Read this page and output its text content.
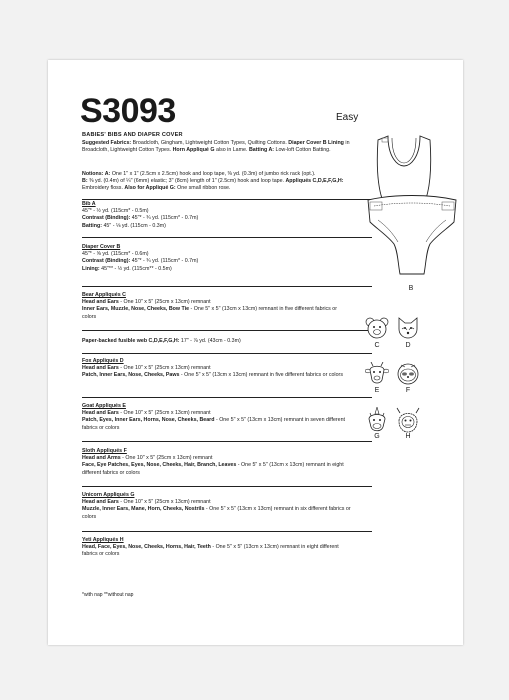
S3093	Easy
BABIES' BIBS AND DIAPER COVER

Suggested Fabrics: Broadcloth, Gingham, Lightweight Cotton Types, Quilting Cottons. Diaper Cover B Lining in Broadcloth, Lightweight Cotton Types. Horn Appliqué G also in Lame. Batting A: Low-loft Cotton Batting.

Notions: A: One 1" x 1" (2.5cm x 2.5cm) hook and loop tape, ⅜ yd. (0.3m) of jumbo rick rack (opt.).

B: ⅜ yd. (0.4m) of ¼" (6mm) elastic; 3" (8cm) length of 1" (2.5cm) hook and loop tape. Appliqués C,D,E,F,G,H: Embroidery floss. Also for Appliqué G: One small ribbon rose.

Bib A

45"* - ½ yd. (115cm* - 0.5m)

Contrast (Binding): 45"* - ¾ yd. (115cm* - 0.7m)

Batting: 45" - ⅛ yd. (115cm - 0.3m)

Diaper Cover B

45"* - ⅝ yd. (115cm* - 0.6m)

Contrast (Binding): 45"* - ¾ yd. (115cm* - 0.7m)

Lining: 45"** - ½ yd. (115cm** - 0.5m)

Bear Appliqués C

Head and Ears - One 10" x 5" (25cm x 13cm) remnant

Inner Ears, Muzzle, Nose, Cheeks, Bow Tie - One 5" x 5" (13cm x 13cm) remnant in five different fabrics or colors

Paper-backed fusible web C,D,E,F,G,H: 17" - ⅞ yd. (43cm - 0.3m)

Fox Appliqués D

Head and Ears - One 10" x 5" (25cm x 13cm) remnant

Patch, Inner Ears, Nose, Cheeks, Paws - One 5" x 5" (13cm x 13cm) remnant in five different fabrics or colors

Goat Appliqués E

Head and Ears - One 10" x 5" (25cm x 13cm) remnant

Patch, Eyes, Inner Ears, Horns, Nose, Cheeks, Beard - One 5" x 5" (13cm x 13cm) remnant in seven different fabrics or colors

Sloth Appliqués F

Head and Arms - One 10" x 5" (25cm x 13cm) remnant

Face, Eye Patches, Eyes, Nose, Cheeks, Hair, Branch, Leaves - One 5" x 5" (13cm x 13cm) remnant in eight different fabrics or colors

Unicorn Appliqués G

Head and Ears - One 10" x 5" (25cm x 13cm) remnant

Muzzle, Inner Ears, Mane, Horn, Cheeks, Nostrils - One 5" x 5" (13cm x 13cm) remnant in six different fabrics or colors

Yeti Appliqués H

Head, Face, Eyes, Nose, Cheeks, Horns, Hair, Teeth - One 5" x 5" (13cm x 13cm) remnant in eight different fabrics or colors

*with nap **without nap
B
C	D
E	F
G	H
